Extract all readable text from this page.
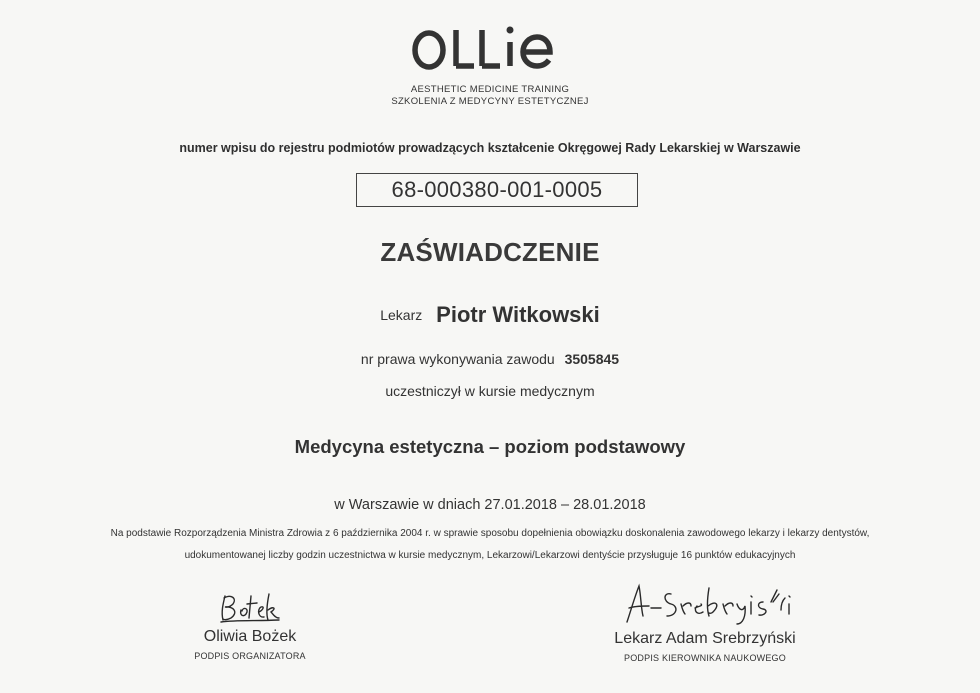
AESTHETIC MEDICINE TRAINING
SZKOLENIA Z MEDYCYNY ESTETYCZNEJ
numer wpisu do rejestru podmiotów prowadzących kształcenie Okręgowej Rady Lekarskiej w Warszawie
68-000380-001-0005
ZAŚWIADCZENIE
Lekarz Piotr Witkowski
nr prawa wykonywania zawodu 3505845
uczestniczył w kursie medycznym
Medycyna estetyczna – poziom podstawowy
w Warszawie w dniach 27.01.2018 – 28.01.2018
Na podstawie Rozporządzenia Ministra Zdrowia z 6 października 2004 r. w sprawie sposobu dopełnienia obowiązku doskonalenia zawodowego lekarzy i lekarzy dentystów,
udokumentowanej liczby godzin uczestnictwa w kursie medycznym, Lekarzowi/Lekarzowi dentyście przysługuje 16 punktów edukacyjnych
Oliwia Bożek
PODPIS ORGANIZATORA
Lekarz Adam Srebrzyński
PODPIS KIEROWNIKA NAUKOWEGO
